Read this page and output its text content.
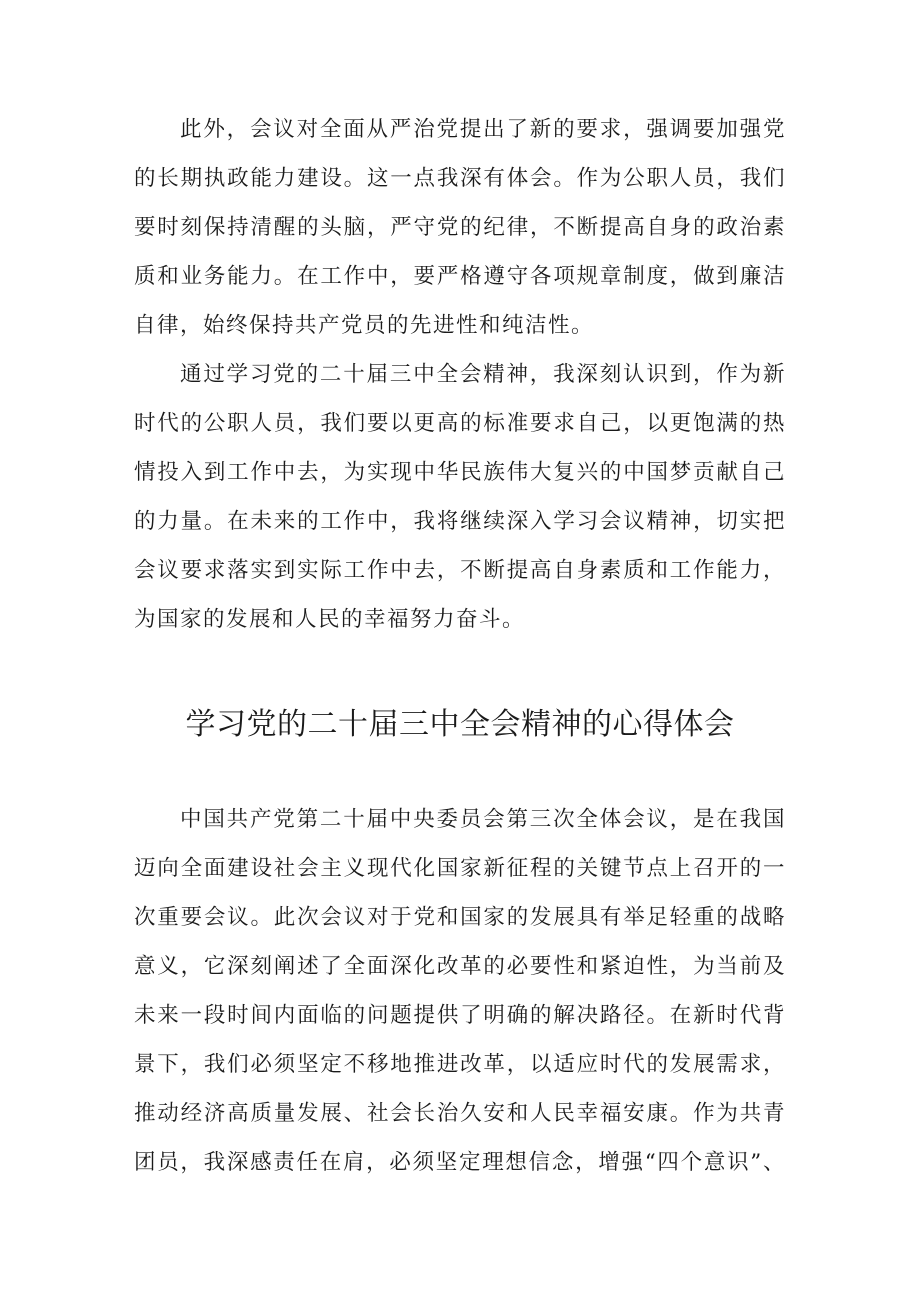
此外，会议对全面从严治党提出了新的要求，强调要加强党
的长期执政能力建设。这一点我深有体会。作为公职人员，我们
要时刻保持清醒的头脑，严守党的纪律，不断提高自身的政治素
质和业务能力。在工作中，要严格遵守各项规章制度，做到廉洁
自律，始终保持共产党员的先进性和纯洁性。
通过学习党的二十届三中全会精神，我深刻认识到，作为新
时代的公职人员，我们要以更高的标准要求自己，以更饱满的热
情投入到工作中去，为实现中华民族伟大复兴的中国梦贡献自己
的力量。在未来的工作中，我将继续深入学习会议精神，切实把
会议要求落实到实际工作中去，不断提高自身素质和工作能力，
为国家的发展和人民的幸福努力奋斗。
学习党的二十届三中全会精神的心得体会
中国共产党第二十届中央委员会第三次全体会议，是在我国
迈向全面建设社会主义现代化国家新征程的关键节点上召开的一
次重要会议。此次会议对于党和国家的发展具有举足轻重的战略
意义，它深刻阐述了全面深化改革的必要性和紧迫性，为当前及
未来一段时间内面临的问题提供了明确的解决路径。在新时代背
景下，我们必须坚定不移地推进改革，以适应时代的发展需求，
推动经济高质量发展、社会长治久安和人民幸福安康。作为共青
团员，我深感责任在肩，必须坚定理想信念，增强“四个意识”、
